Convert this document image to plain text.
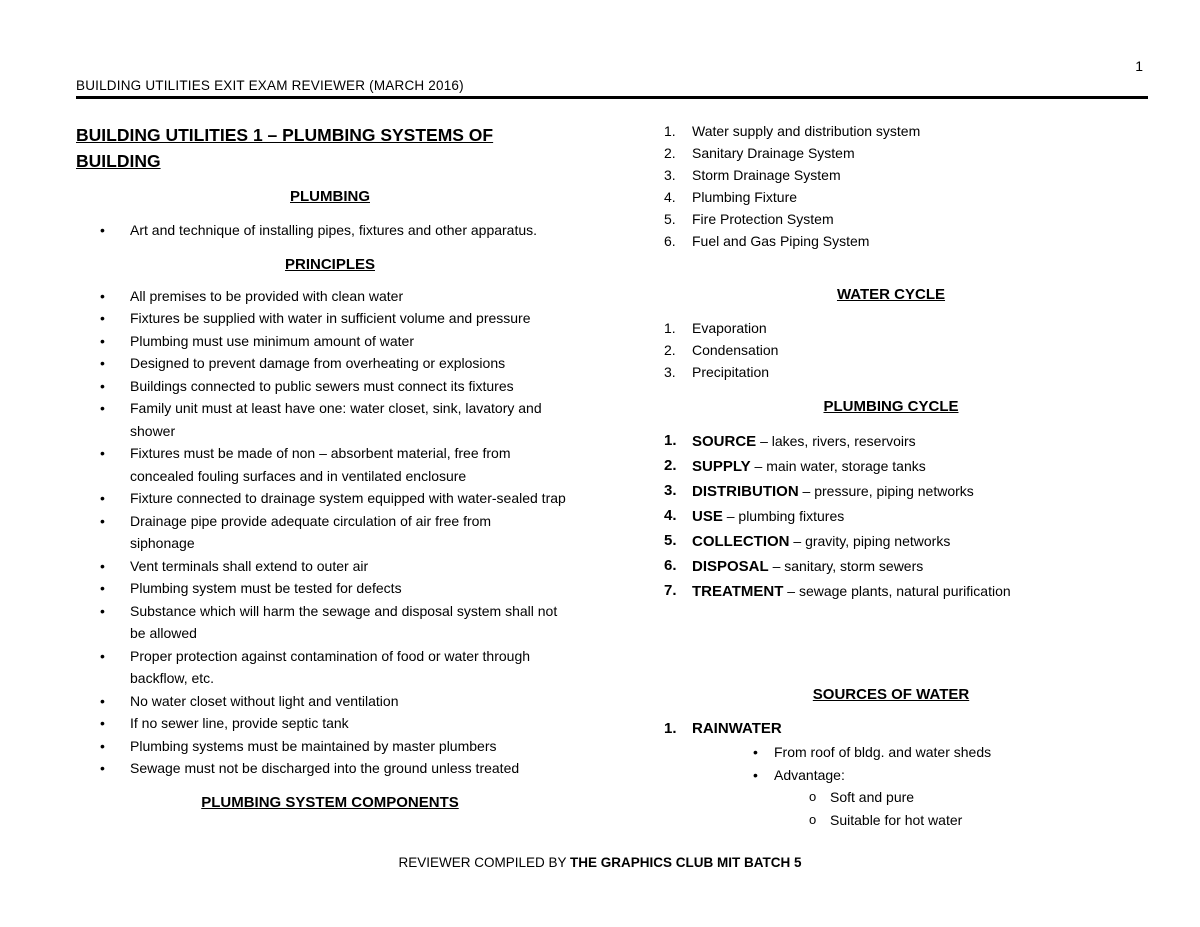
1
BUILDING UTILITIES EXIT EXAM REVIEWER (MARCH 2016)
BUILDING UTILITIES 1 – PLUMBING SYSTEMS OF BUILDING
PLUMBING
• Art and technique of installing pipes, fixtures and other apparatus.
PRINCIPLES
• All premises to be provided with clean water
• Fixtures be supplied with water in sufficient volume and pressure
• Plumbing must use minimum amount of water
• Designed to prevent damage from overheating or explosions
• Buildings connected to public sewers must connect its fixtures
• Family unit must at least have one: water closet, sink, lavatory and shower
• Fixtures must be made of non – absorbent material, free from concealed fouling surfaces and in ventilated enclosure
• Fixture connected to drainage system equipped with water-sealed trap
• Drainage pipe provide adequate circulation of air free from siphonage
• Vent terminals shall extend to outer air
• Plumbing system must be tested for defects
• Substance which will harm the sewage and disposal system shall not be allowed
• Proper protection against contamination of food or water through backflow, etc.
• No water closet without light and ventilation
• If no sewer line, provide septic tank
• Plumbing systems must be maintained by master plumbers
• Sewage must not be discharged into the ground unless treated
PLUMBING SYSTEM COMPONENTS
1. Water supply and distribution system
2. Sanitary Drainage System
3. Storm Drainage System
4. Plumbing Fixture
5. Fire Protection System
6. Fuel and Gas Piping System
WATER CYCLE
1. Evaporation
2. Condensation
3. Precipitation
PLUMBING CYCLE
1. SOURCE – lakes, rivers, reservoirs
2. SUPPLY – main water, storage tanks
3. DISTRIBUTION – pressure, piping networks
4. USE – plumbing fixtures
5. COLLECTION – gravity, piping networks
6. DISPOSAL – sanitary, storm sewers
7. TREATMENT – sewage plants, natural purification
SOURCES OF WATER
1. RAINWATER
• From roof of bldg. and water sheds
• Advantage:
o Soft and pure
o Suitable for hot water
REVIEWER COMPILED BY THE GRAPHICS CLUB MIT BATCH 5
